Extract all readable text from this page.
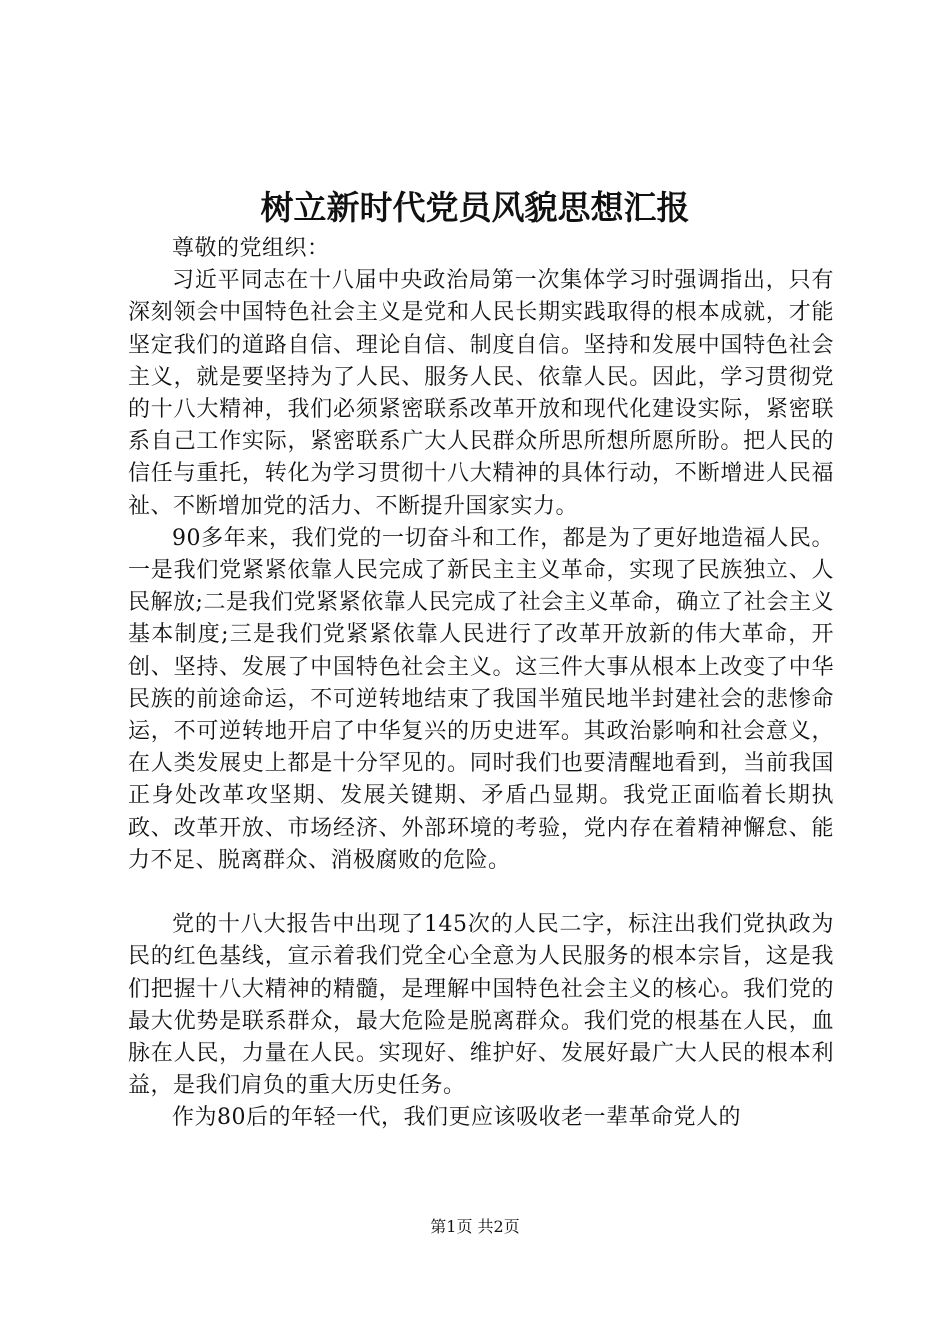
树立新时代党员风貌思想汇报

尊敬的党组织：

习近平同志在十八届中央政治局第一次集体学习时强调指出，只有深刻领会中国特色社会主义是党和人民长期实践取得的根本成就，才能坚定我们的道路自信、理论自信、制度自信。坚持和发展中国特色社会主义，就是要坚持为了人民、服务人民、依靠人民。因此，学习贯彻党的十八大精神，我们必须紧密联系改革开放和现代化建设实际，紧密联系自己工作实际，紧密联系广大人民群众所思所想所愿所盼。把人民的信任与重托，转化为学习贯彻十八大精神的具体行动，不断增进人民福祉、不断增加党的活力、不断提升国家实力。

90多年来，我们党的一切奋斗和工作，都是为了更好地造福人民。一是我们党紧紧依靠人民完成了新民主主义革命，实现了民族独立、人民解放;二是我们党紧紧依靠人民完成了社会主义革命，确立了社会主义基本制度;三是我们党紧紧依靠人民进行了改革开放新的伟大革命，开创、坚持、发展了中国特色社会主义。这三件大事从根本上改变了中华民族的前途命运，不可逆转地结束了我国半殖民地半封建社会的悲惨命运，不可逆转地开启了中华复兴的历史进军。其政治影响和社会意义，在人类发展史上都是十分罕见的。同时我们也要清醒地看到，当前我国正身处改革攻坚期、发展关键期、矛盾凸显期。我党正面临着长期执政、改革开放、市场经济、外部环境的考验，党内存在着精神懈怠、能力不足、脱离群众、消极腐败的危险。

党的十八大报告中出现了145次的人民二字，标注出我们党执政为民的红色基线，宣示着我们党全心全意为人民服务的根本宗旨，这是我们把握十八大精神的精髓，是理解中国特色社会主义的核心。我们党的最大优势是联系群众，最大危险是脱离群众。我们党的根基在人民，血脉在人民，力量在人民。实现好、维护好、发展好最广大人民的根本利益，是我们肩负的重大历史任务。

作为80后的年轻一代，我们更应该吸收老一辈革命党人的

第1页 共2页
